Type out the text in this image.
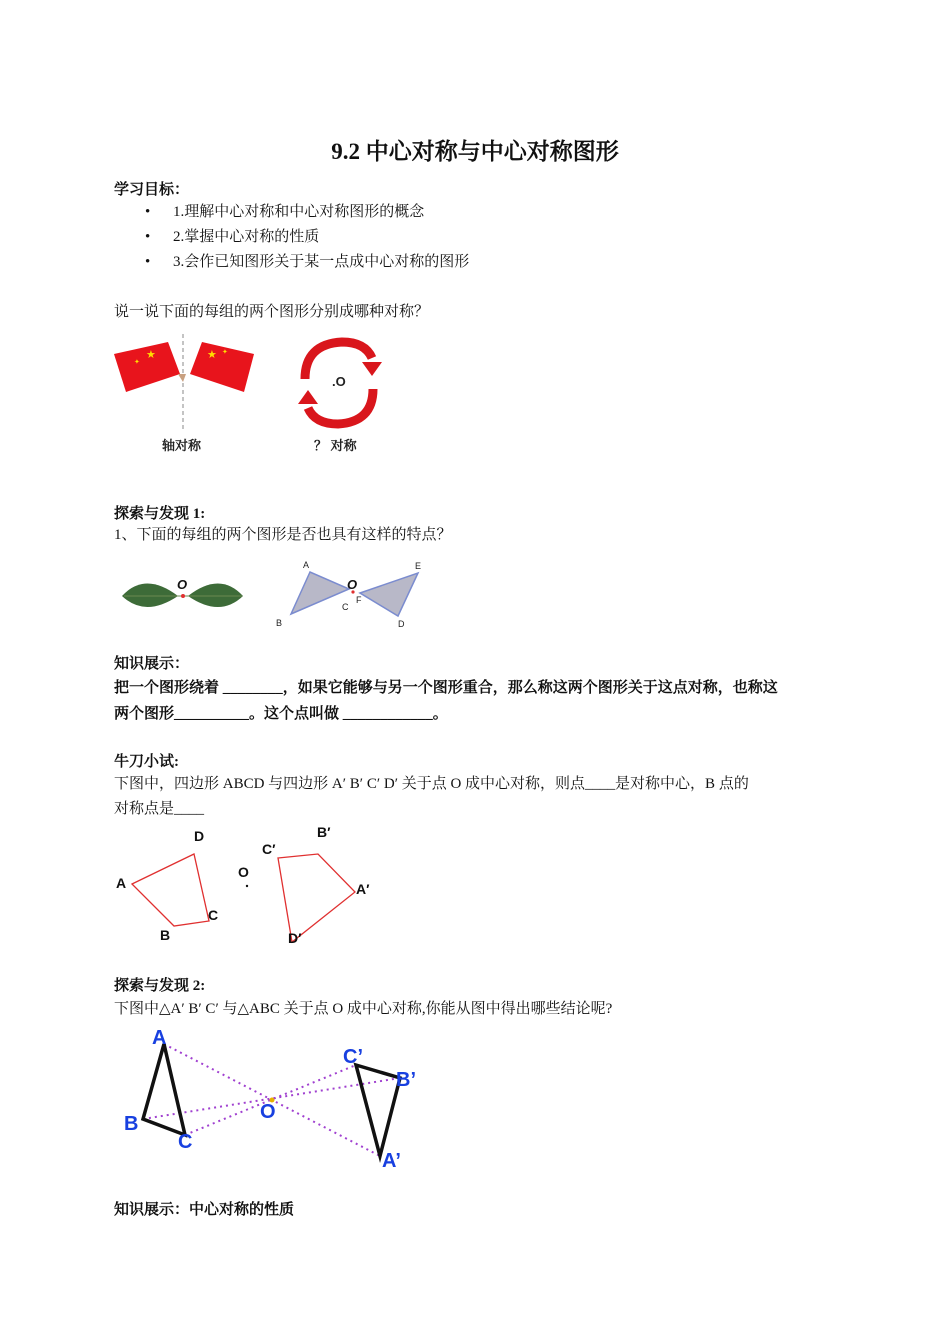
9.2 中心对称与中心对称图形
学习目标：
• 1.理解中心对称和中心对称图形的概念
• 2.掌握中心对称的性质
• 3.会作已知图形关于某一点成中心对称的图形
说一说下面的每组的两个图形分别成哪种对称？
★
✦
★ ✦
轴对称
.O
？ 对称
探索与发现 1:
1、下面的每组的两个图形是否也具有这样的特点？
O
A
B
C
O
F
E
D
知识展示：
把一个图形绕着 ________，如果它能够与另一个图形重合，那么称这两个图形关于这点对称，也称这
两个图形__________。这个点叫做 ____________。
牛刀小试:
下图中，四边形 ABCD 与四边形 A′ B′ C′ D′ 关于点 O 成中心对称，则点____是对称中心，B 点的
对称点是____
A
B
C
D
O
A′
B′
C′
D′
探索与发现 2:
下图中△A′ B′ C′ 与△ABC 关于点 O 成中心对称,你能从图中得出哪些结论呢?
A
B
C
O
A’
B’
C’
知识展示：中心对称的性质
